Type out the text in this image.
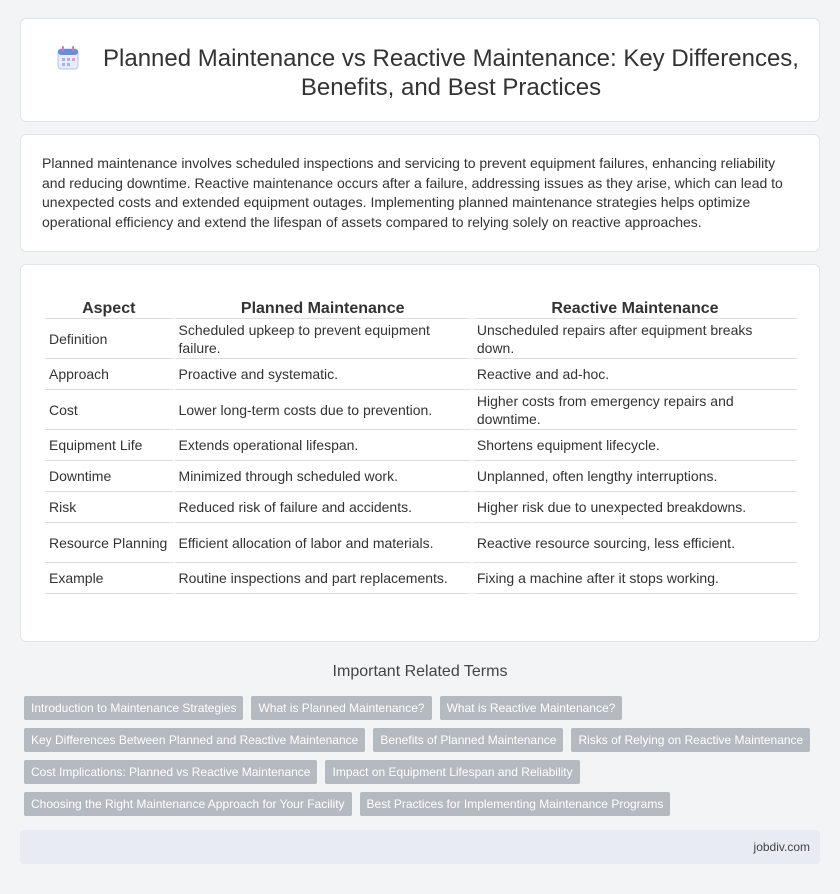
Planned Maintenance vs Reactive Maintenance: Key Differences, Benefits, and Best Practices

Planned maintenance involves scheduled inspections and servicing to prevent equipment failures, enhancing reliability and reducing downtime. Reactive maintenance occurs after a failure, addressing issues as they arise, which can lead to unexpected costs and extended equipment outages. Implementing planned maintenance strategies helps optimize operational efficiency and extend the lifespan of assets compared to relying solely on reactive approaches.

Aspect	Planned Maintenance	Reactive Maintenance
Definition	Scheduled upkeep to prevent equipment failure.	Unscheduled repairs after equipment breaks down.
Approach	Proactive and systematic.	Reactive and ad-hoc.
Cost	Lower long-term costs due to prevention.	Higher costs from emergency repairs and downtime.
Equipment Life	Extends operational lifespan.	Shortens equipment lifecycle.
Downtime	Minimized through scheduled work.	Unplanned, often lengthy interruptions.
Risk	Reduced risk of failure and accidents.	Higher risk due to unexpected breakdowns.
Resource Planning	Efficient allocation of labor and materials.	Reactive resource sourcing, less efficient.
Example	Routine inspections and part replacements.	Fixing a machine after it stops working.
Important Related Terms
Introduction to Maintenance Strategies	What is Planned Maintenance?	What is Reactive Maintenance?
Key Differences Between Planned and Reactive Maintenance	Benefits of Planned Maintenance	Risks of Relying on Reactive Maintenance
Cost Implications: Planned vs Reactive Maintenance	Impact on Equipment Lifespan and Reliability
Choosing the Right Maintenance Approach for Your Facility	Best Practices for Implementing Maintenance Programs
jobdiv.com
